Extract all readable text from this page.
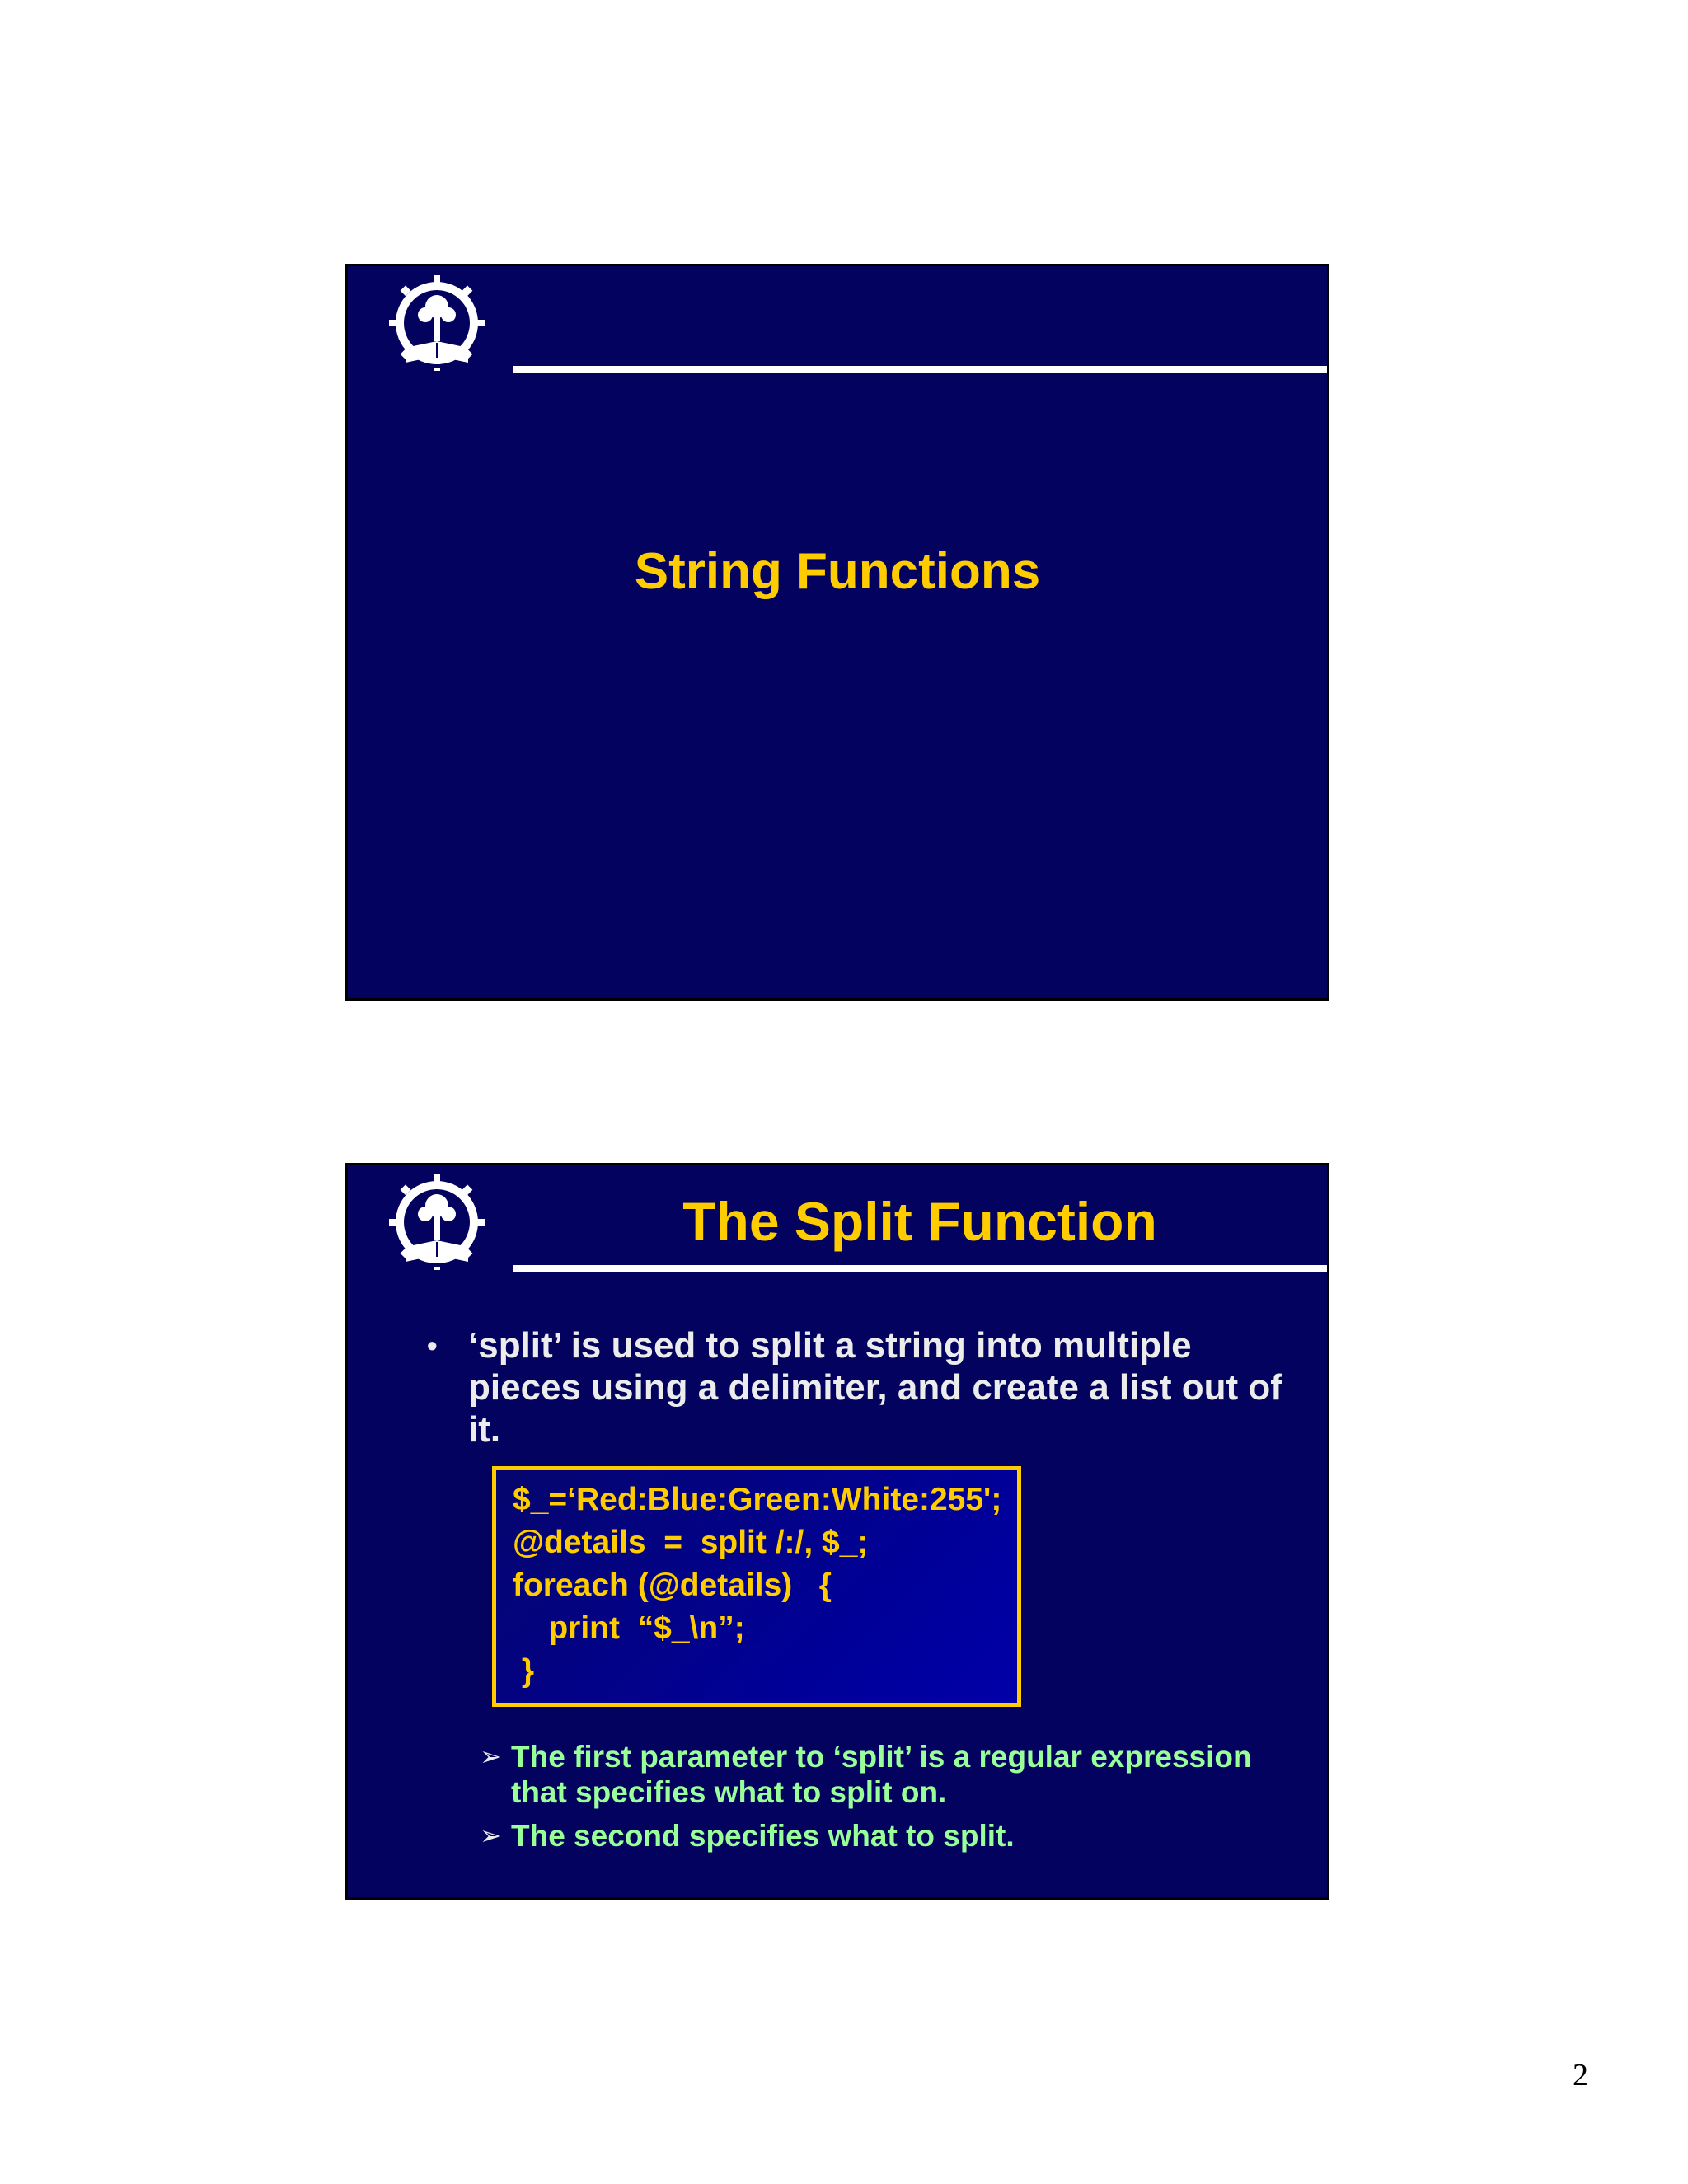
String Functions
The Split Function
• ‘split’ is used to split a string into multiple pieces using a delimiter, and create a list out of it.
$_=‘Red:Blue:Green:White:255';
@details  =  split /:/, $_;
foreach (@details)   {
print  “$_\n”;
}
➢ The first parameter to ‘split’ is a regular expression that specifies what to split on.
➢ The second specifies what to split.
2
